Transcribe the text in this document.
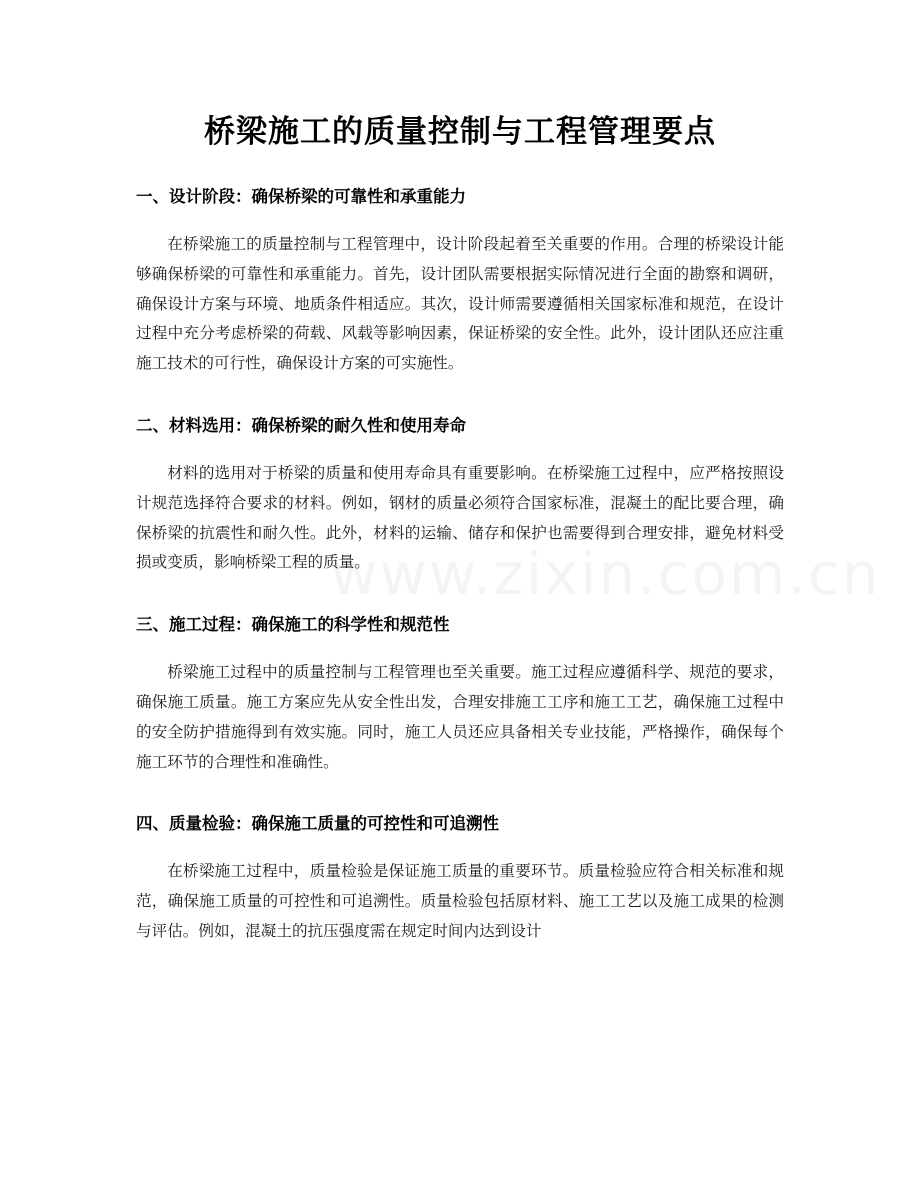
桥梁施工的质量控制与工程管理要点
一、设计阶段：确保桥梁的可靠性和承重能力

在桥梁施工的质量控制与工程管理中，设计阶段起着至关重要的作用。合理的桥梁设计能够确保桥梁的可靠性和承重能力。首先，设计团队需要根据实际情况进行全面的勘察和调研，确保设计方案与环境、地质条件相适应。其次，设计师需要遵循相关国家标准和规范，在设计过程中充分考虑桥梁的荷载、风载等影响因素，保证桥梁的安全性。此外，设计团队还应注重施工技术的可行性，确保设计方案的可实施性。

二、材料选用：确保桥梁的耐久性和使用寿命

材料的选用对于桥梁的质量和使用寿命具有重要影响。在桥梁施工过程中，应严格按照设计规范选择符合要求的材料。例如，钢材的质量必须符合国家标准，混凝土的配比要合理，确保桥梁的抗震性和耐久性。此外，材料的运输、储存和保护也需要得到合理安排，避免材料受损或变质，影响桥梁工程的质量。

三、施工过程：确保施工的科学性和规范性

桥梁施工过程中的质量控制与工程管理也至关重要。施工过程应遵循科学、规范的要求，确保施工质量。施工方案应先从安全性出发，合理安排施工工序和施工工艺，确保施工过程中的安全防护措施得到有效实施。同时，施工人员还应具备相关专业技能，严格操作，确保每个施工环节的合理性和准确性。

四、质量检验：确保施工质量的可控性和可追溯性

在桥梁施工过程中，质量检验是保证施工质量的重要环节。质量检验应符合相关标准和规范，确保施工质量的可控性和可追溯性。质量检验包括原材料、施工工艺以及施工成果的检测与评估。例如，混凝土的抗压强度需在规定时间内达到设计
